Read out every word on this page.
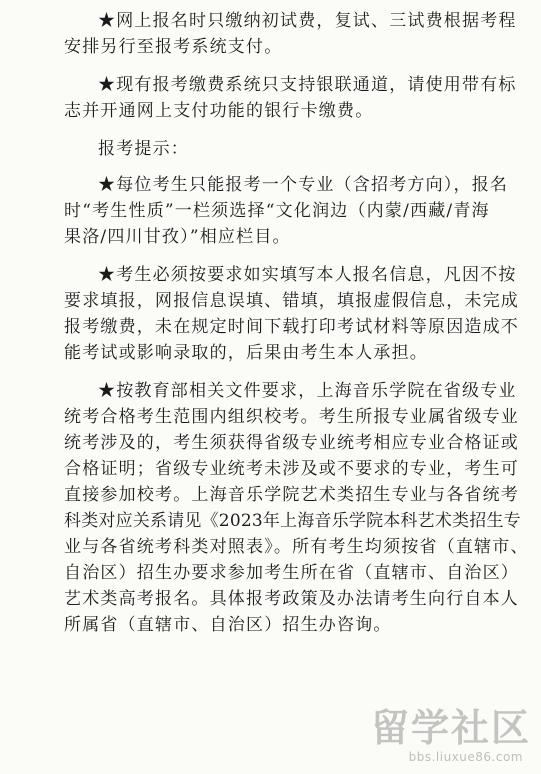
★网上报名时只缴纳初试费，复试、三试费根据考程
安排另行至报考系统支付。
★现有报考缴费系统只支持银联通道，请使用带有标
志并开通网上支付功能的银行卡缴费。
报考提示：
★每位考生只能报考一个专业（含招考方向），报名
时“考生性质”一栏须选择“文化润边（内蒙/西藏/青海
果洛/四川甘孜）”相应栏目。
★考生必须按要求如实填写本人报名信息，凡因不按
要求填报，网报信息误填、错填，填报虚假信息，未完成
报考缴费，未在规定时间下载打印考试材料等原因造成不
能考试或影响录取的，后果由考生本人承担。
★按教育部相关文件要求，上海音乐学院在省级专业
统考合格考生范围内组织校考。考生所报专业属省级专业
统考涉及的，考生须获得省级专业统考相应专业合格证或
合格证明；省级专业统考未涉及或不要求的专业，考生可
直接参加校考。上海音乐学院艺术类招生专业与各省统考
科类对应关系请见《2023年上海音乐学院本科艺术类招生专
业与各省统考科类对照表》。所有考生均须按省（直辖市、
自治区）招生办要求参加考生所在省（直辖市、自治区）
艺术类高考报名。具体报考政策及办法请考生向行自本人
所属省（直辖市、自治区）招生办咨询。
留学社区
bbs.liuxue86.com
